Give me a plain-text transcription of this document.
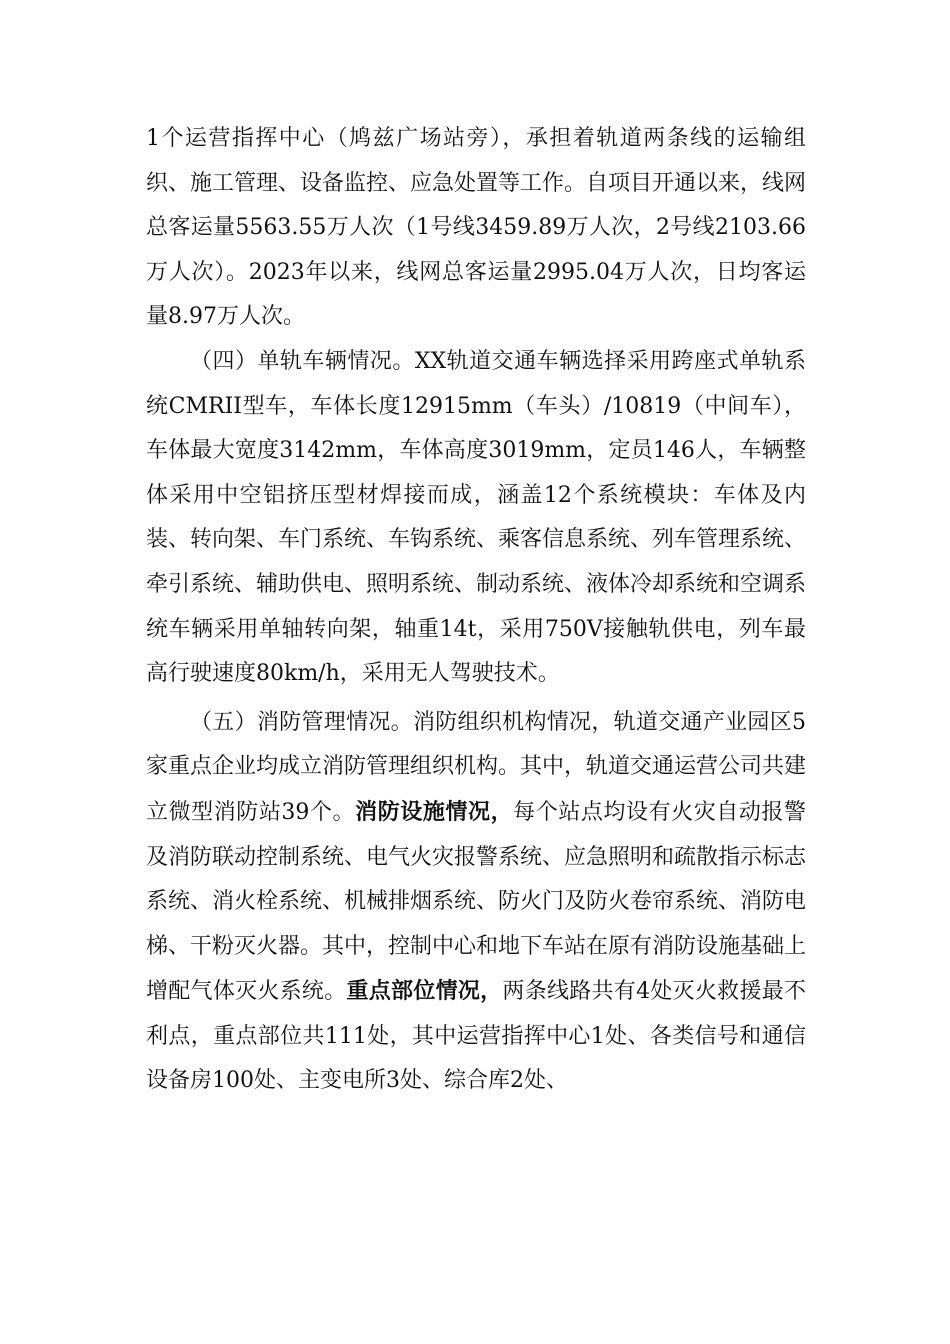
1个运营指挥中心（鸠兹广场站旁），承担着轨道两条线的运输组织、施工管理、设备监控、应急处置等工作。自项目开通以来，线网总客运量5563.55万人次（1号线3459.89万人次，2号线2103.66万人次）。2023年以来，线网总客运量2995.04万人次，日均客运量8.97万人次。

（四）单轨车辆情况。XX轨道交通车辆选择采用跨座式单轨系统CMRII型车，车体长度12915mm（车头）/10819（中间车），车体最大宽度3142mm，车体高度3019mm，定员146人，车辆整体采用中空铝挤压型材焊接而成，涵盖12个系统模块：车体及内装、转向架、车门系统、车钩系统、乘客信息系统、列车管理系统、牵引系统、辅助供电、照明系统、制动系统、液体冷却系统和空调系统车辆采用单轴转向架，轴重14t，采用750V接触轨供电，列车最高行驶速度80km/h，采用无人驾驶技术。

（五）消防管理情况。消防组织机构情况，轨道交通产业园区5家重点企业均成立消防管理组织机构。其中，轨道交通运营公司共建立微型消防站39个。消防设施情况，每个站点均设有火灾自动报警及消防联动控制系统、电气火灾报警系统、应急照明和疏散指示标志系统、消火栓系统、机械排烟系统、防火门及防火卷帘系统、消防电梯、干粉灭火器。其中，控制中心和地下车站在原有消防设施基础上增配气体灭火系统。重点部位情况，两条线路共有4处灭火救援最不利点，重点部位共111处，其中运营指挥中心1处、各类信号和通信设备房100处、主变电所3处、综合库2处、
